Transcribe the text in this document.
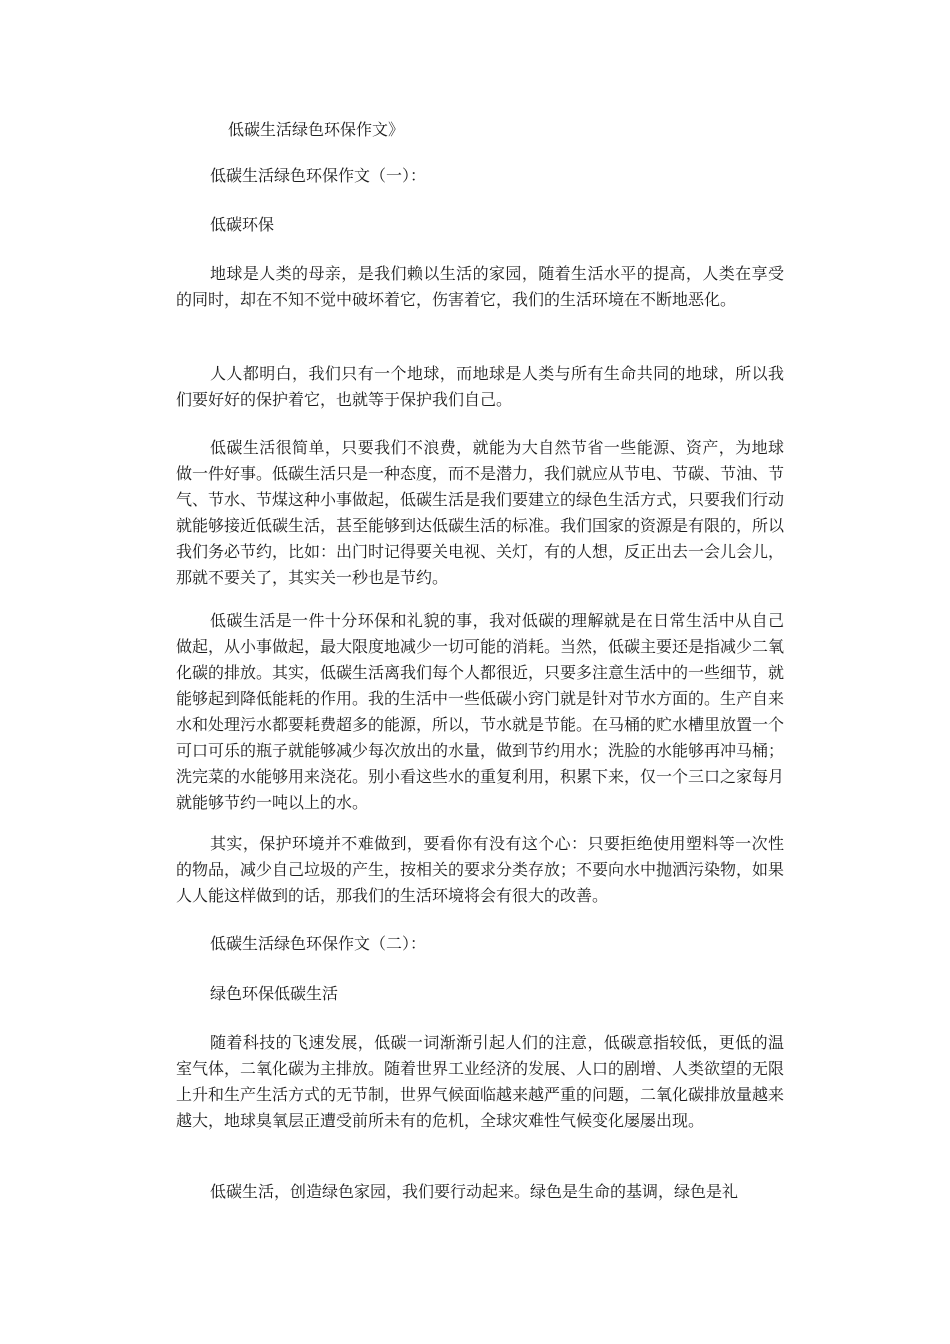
低碳生活绿色环保作文》

低碳生活绿色环保作文（一）：

低碳环保

地球是人类的母亲，是我们赖以生活的家园，随着生活水平的提高，人类在享受的同时，却在不知不觉中破坏着它，伤害着它，我们的生活环境在不断地恶化。

人人都明白，我们只有一个地球，而地球是人类与所有生命共同的地球，所以我们要好好的保护着它，也就等于保护我们自己。

低碳生活很简单，只要我们不浪费，就能为大自然节省一些能源、资产，为地球做一件好事。低碳生活只是一种态度，而不是潜力，我们就应从节电、节碳、节油、节气、节水、节煤这种小事做起，低碳生活是我们要建立的绿色生活方式，只要我们行动就能够接近低碳生活，甚至能够到达低碳生活的标准。我们国家的资源是有限的，所以我们务必节约，比如：出门时记得要关电视、关灯，有的人想，反正出去一会儿会儿，那就不要关了，其实关一秒也是节约。

低碳生活是一件十分环保和礼貌的事，我对低碳的理解就是在日常生活中从自己做起，从小事做起，最大限度地减少一切可能的消耗。当然，低碳主要还是指减少二氧化碳的排放。其实，低碳生活离我们每个人都很近，只要多注意生活中的一些细节，就能够起到降低能耗的作用。我的生活中一些低碳小窍门就是针对节水方面的。生产自来水和处理污水都要耗费超多的能源，所以，节水就是节能。在马桶的贮水槽里放置一个可口可乐的瓶子就能够减少每次放出的水量，做到节约用水；洗脸的水能够再冲马桶；洗完菜的水能够用来浇花。别小看这些水的重复利用，积累下来，仅一个三口之家每月就能够节约一吨以上的水。

其实，保护环境并不难做到，要看你有没有这个心：只要拒绝使用塑料等一次性的物品，减少自己垃圾的产生，按相关的要求分类存放；不要向水中抛洒污染物，如果人人能这样做到的话，那我们的生活环境将会有很大的改善。

低碳生活绿色环保作文（二）：

绿色环保低碳生活

随着科技的飞速发展，低碳一词渐渐引起人们的注意，低碳意指较低，更低的温室气体，二氧化碳为主排放。随着世界工业经济的发展、人口的剧增、人类欲望的无限上升和生产生活方式的无节制，世界气候面临越来越严重的问题，二氧化碳排放量越来越大，地球臭氧层正遭受前所未有的危机，全球灾难性气候变化屡屡出现。

低碳生活，创造绿色家园，我们要行动起来。绿色是生命的基调，绿色是礼
